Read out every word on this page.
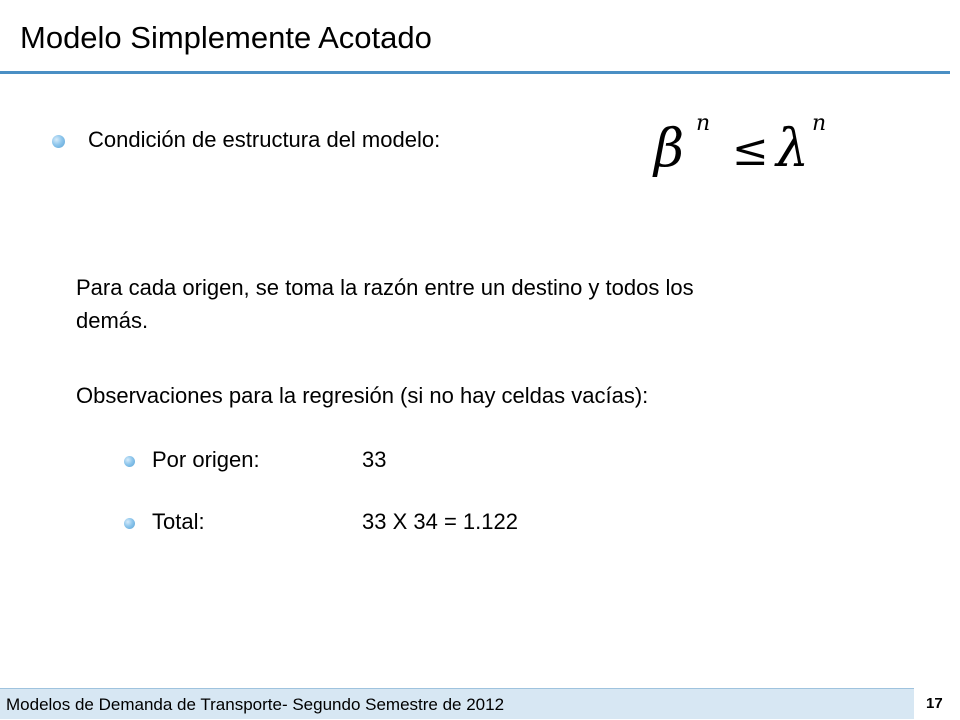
Modelo Simplemente Acotado
Condición de estructura del modelo:	β n
≤ λ n
Para cada origen, se toma la razón entre un destino y todos los
demás.
Observaciones para la regresión (si no hay celdas vacías):
Por origen:	33
Total:	33 X 34 = 1.122
Modelos de Demanda de Transporte- Segundo Semestre de 2012	17
